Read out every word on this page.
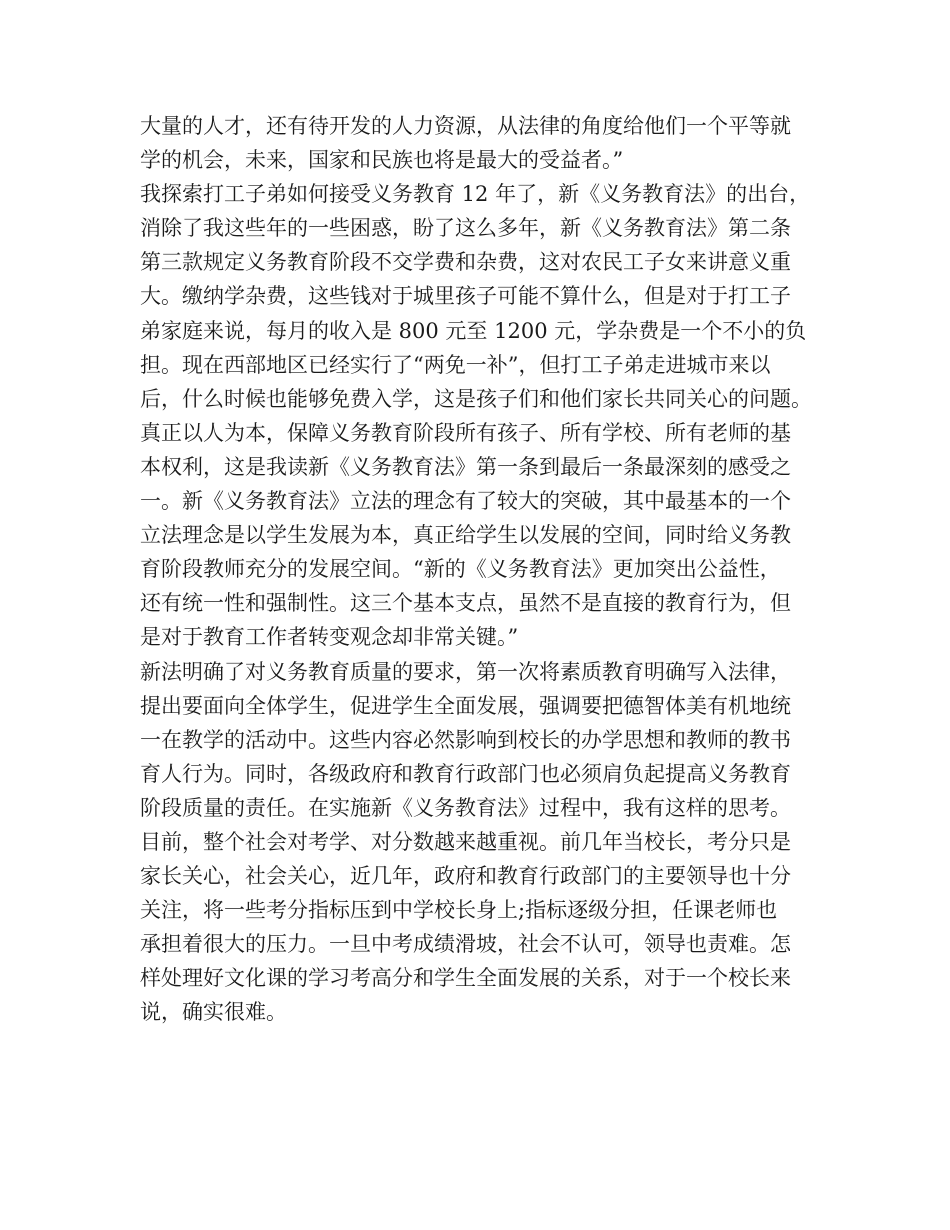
大量的人才，还有待开发的人力资源，从法律的角度给他们一个平等就
学的机会，未来，国家和民族也将是最大的受益者。”
我探索打工子弟如何接受义务教育 12 年了，新《义务教育法》的出台，
消除了我这些年的一些困惑，盼了这么多年，新《义务教育法》第二条
第三款规定义务教育阶段不交学费和杂费，这对农民工子女来讲意义重
大。缴纳学杂费，这些钱对于城里孩子可能不算什么，但是对于打工子
弟家庭来说，每月的收入是 800 元至 1200 元，学杂费是一个不小的负
担。现在西部地区已经实行了“两免一补”，但打工子弟走进城市来以
后，什么时候也能够免费入学，这是孩子们和他们家长共同关心的问题。
真正以人为本，保障义务教育阶段所有孩子、所有学校、所有老师的基
本权利，这是我读新《义务教育法》第一条到最后一条最深刻的感受之
一。新《义务教育法》立法的理念有了较大的突破，其中最基本的一个
立法理念是以学生发展为本，真正给学生以发展的空间，同时给义务教
育阶段教师充分的发展空间。“新的《义务教育法》更加突出公益性，
还有统一性和强制性。这三个基本支点，虽然不是直接的教育行为，但
是对于教育工作者转变观念却非常关键。”
新法明确了对义务教育质量的要求，第一次将素质教育明确写入法律，
提出要面向全体学生，促进学生全面发展，强调要把德智体美有机地统
一在教学的活动中。这些内容必然影响到校长的办学思想和教师的教书
育人行为。同时，各级政府和教育行政部门也必须肩负起提高义务教育
阶段质量的责任。在实施新《义务教育法》过程中，我有这样的思考。
目前，整个社会对考学、对分数越来越重视。前几年当校长，考分只是
家长关心，社会关心，近几年，政府和教育行政部门的主要领导也十分
关注，将一些考分指标压到中学校长身上;指标逐级分担，任课老师也
承担着很大的压力。一旦中考成绩滑坡，社会不认可，领导也责难。怎
样处理好文化课的学习考高分和学生全面发展的关系，对于一个校长来
说，确实很难。
